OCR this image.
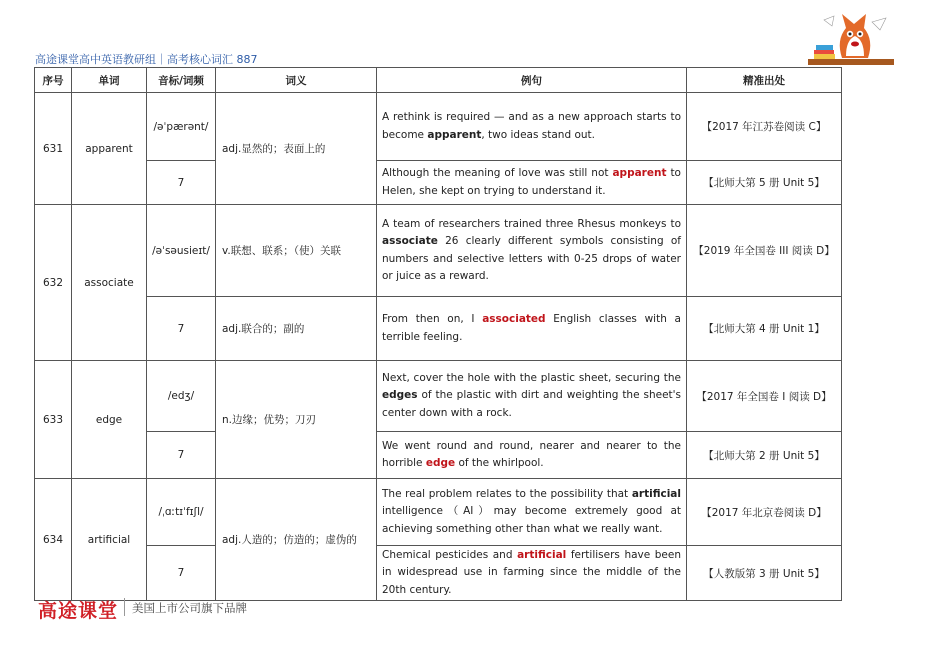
高途课堂高中英语教研组｜高考核心词汇 887
序号	单词	音标/词频	词义	例句	精准出处
631	apparent	/əˈpærənt/	adj.显然的；表面上的	A rethink is required — and as a new approach starts to become apparent, two ideas stand out.	【2017 年江苏卷阅读 C】
		7		Although the meaning of love was still not apparent to Helen, she kept on trying to understand it.	【北师大第 5 册 Unit 5】
632	associate	/əˈsəusieɪt/	v.联想、联系；（使）关联	A team of researchers trained three Rhesus monkeys to associate 26 clearly different symbols consisting of numbers and selective letters with 0-25 drops of water or juice as a reward.	【2019 年全国卷 III 阅读 D】
		7	adj.联合的；副的	From then on, I associated English classes with a terrible feeling.	【北师大第 4 册 Unit 1】
633	edge	/edʒ/	n.边缘；优势；刀刃	Next, cover the hole with the plastic sheet, securing the edges of the plastic with dirt and weighting the sheet's center down with a rock.	【2017 年全国卷 I 阅读 D】
		7		We went round and round, nearer and nearer to the horrible edge of the whirlpool.	【北师大第 2 册 Unit 5】
634	artificial	/ˌɑːtɪˈfɪʃl/	adj.人造的；仿造的；虚伪的	The real problem relates to the possibility that artificial intelligence（AI）may become extremely good at achieving something other than what we really want.	【2017 年北京卷阅读 D】
		7		Chemical pesticides and artificial fertilisers have been in widespread use in farming since the middle of the 20th century.	【人教版第 3 册 Unit 5】
高途课堂 美国上市公司旗下品牌
